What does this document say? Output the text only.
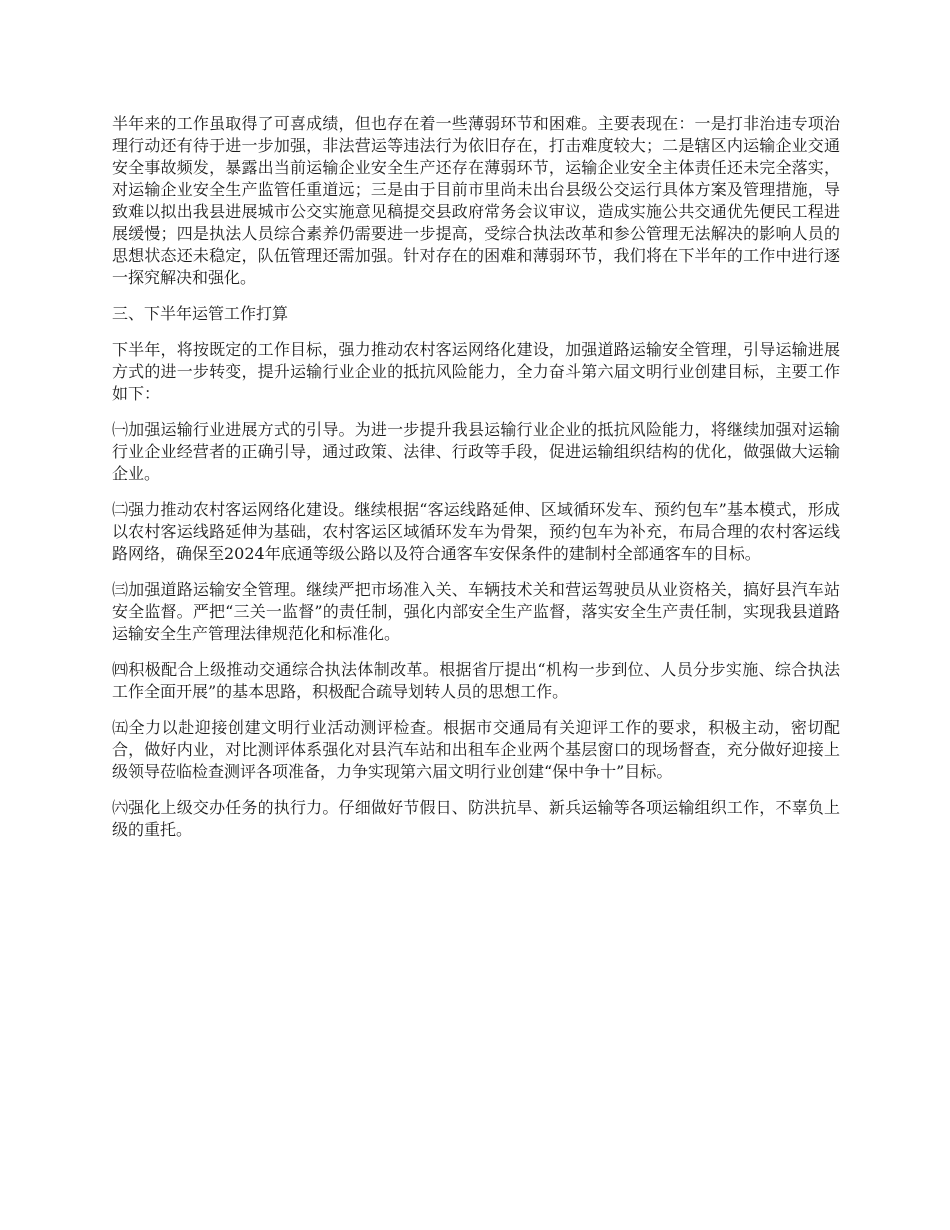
半年来的工作虽取得了可喜成绩，但也存在着一些薄弱环节和困难。主要表现在：一是打非治违专项治理行动还有待于进一步加强，非法营运等违法行为依旧存在，打击难度较大；二是辖区内运输企业交通安全事故频发，暴露出当前运输企业安全生产还存在薄弱环节，运输企业安全主体责任还未完全落实，对运输企业安全生产监管任重道远；三是由于目前市里尚未出台县级公交运行具体方案及管理措施，导致难以拟出我县进展城市公交实施意见稿提交县政府常务会议审议，造成实施公共交通优先便民工程进展缓慢；四是执法人员综合素养仍需要进一步提高，受综合执法改革和参公管理无法解决的影响人员的思想状态还未稳定，队伍管理还需加强。针对存在的困难和薄弱环节，我们将在下半年的工作中进行逐一探究解决和强化。

三、下半年运管工作打算

下半年，将按既定的工作目标，强力推动农村客运网络化建设，加强道路运输安全管理，引导运输进展方式的进一步转变，提升运输行业企业的抵抗风险能力，全力奋斗第六届文明行业创建目标，主要工作如下：

㈠加强运输行业进展方式的引导。为进一步提升我县运输行业企业的抵抗风险能力，将继续加强对运输行业企业经营者的正确引导，通过政策、法律、行政等手段，促进运输组织结构的优化，做强做大运输企业。

㈡强力推动农村客运网络化建设。继续根据“客运线路延伸、区域循环发车、预约包车”基本模式，形成以农村客运线路延伸为基础，农村客运区域循环发车为骨架，预约包车为补充，布局合理的农村客运线路网络，确保至2024年底通等级公路以及符合通客车安保条件的建制村全部通客车的目标。

㈢加强道路运输安全管理。继续严把市场准入关、车辆技术关和营运驾驶员从业资格关，搞好县汽车站安全监督。严把“三关一监督”的责任制，强化内部安全生产监督，落实安全生产责任制，实现我县道路运输安全生产管理法律规范化和标准化。

㈣积极配合上级推动交通综合执法体制改革。根据省厅提出“机构一步到位、人员分步实施、综合执法工作全面开展”的基本思路，积极配合疏导划转人员的思想工作。

㈤全力以赴迎接创建文明行业活动测评检查。根据市交通局有关迎评工作的要求，积极主动，密切配合，做好内业，对比测评体系强化对县汽车站和出租车企业两个基层窗口的现场督查，充分做好迎接上级领导莅临检查测评各项准备，力争实现第六届文明行业创建“保中争十”目标。

㈥强化上级交办任务的执行力。仔细做好节假日、防洪抗旱、新兵运输等各项运输组织工作，不辜负上级的重托。
